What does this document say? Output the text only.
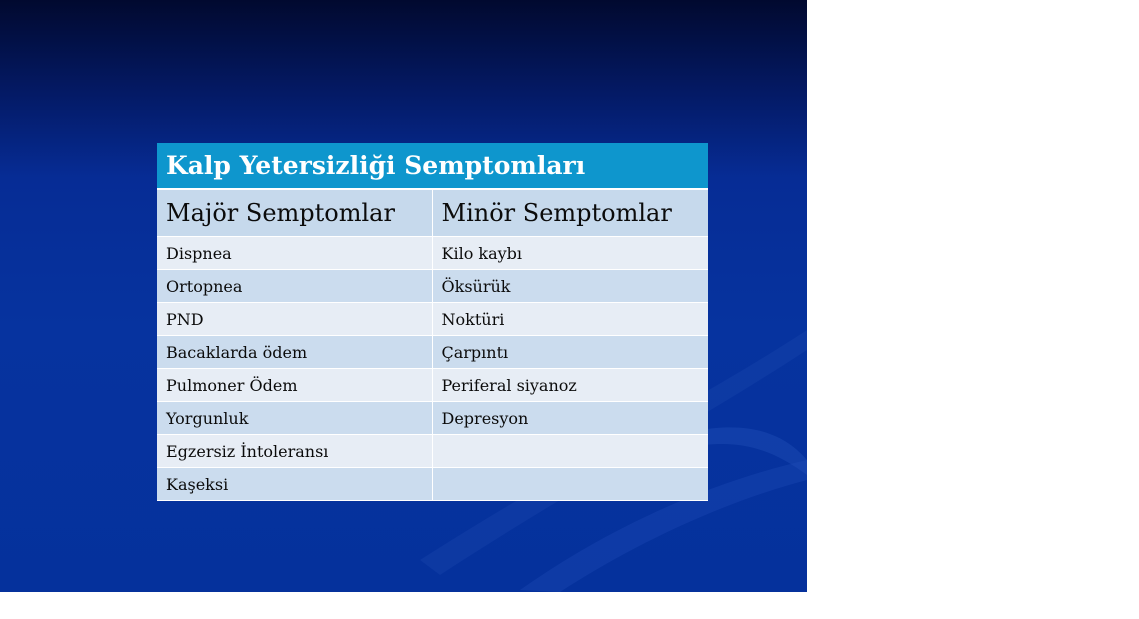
Kalp Yetersizliği Semptomları	
Majör Semptomlar	Minör Semptomlar
Dispnea	Kilo kaybı
Ortopnea	Öksürük
PND	Noktüri
Bacaklarda ödem	Çarpıntı
Pulmoner Ödem	Periferal siyanoz
Yorgunluk	Depresyon
Egzersiz İntoleransı	
Kaşeksi	
